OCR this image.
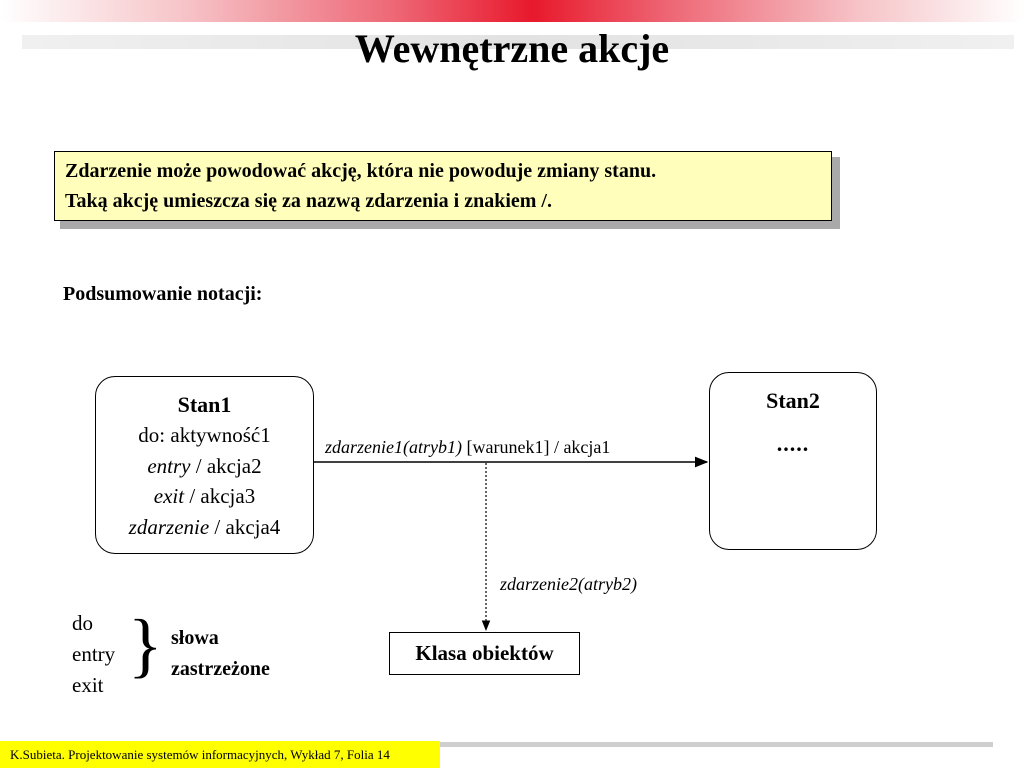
Wewnętrzne akcje
Zdarzenie może powodować akcję, która nie powoduje zmiany stanu.
Taką akcję umieszcza się za nazwą zdarzenia i znakiem /.
Podsumowanie notacji:
Stan1
do: aktywność1
entry / akcja2
exit / akcja3
zdarzenie / akcja4
Stan2
.....
zdarzenie1(atryb1) [warunek1] / akcja1
zdarzenie2(atryb2)
Klasa obiektów
do
entry
exit } słowa
zastrzeżone
K.Subieta. Projektowanie systemów informacyjnych, Wykład 7, Folia 14
